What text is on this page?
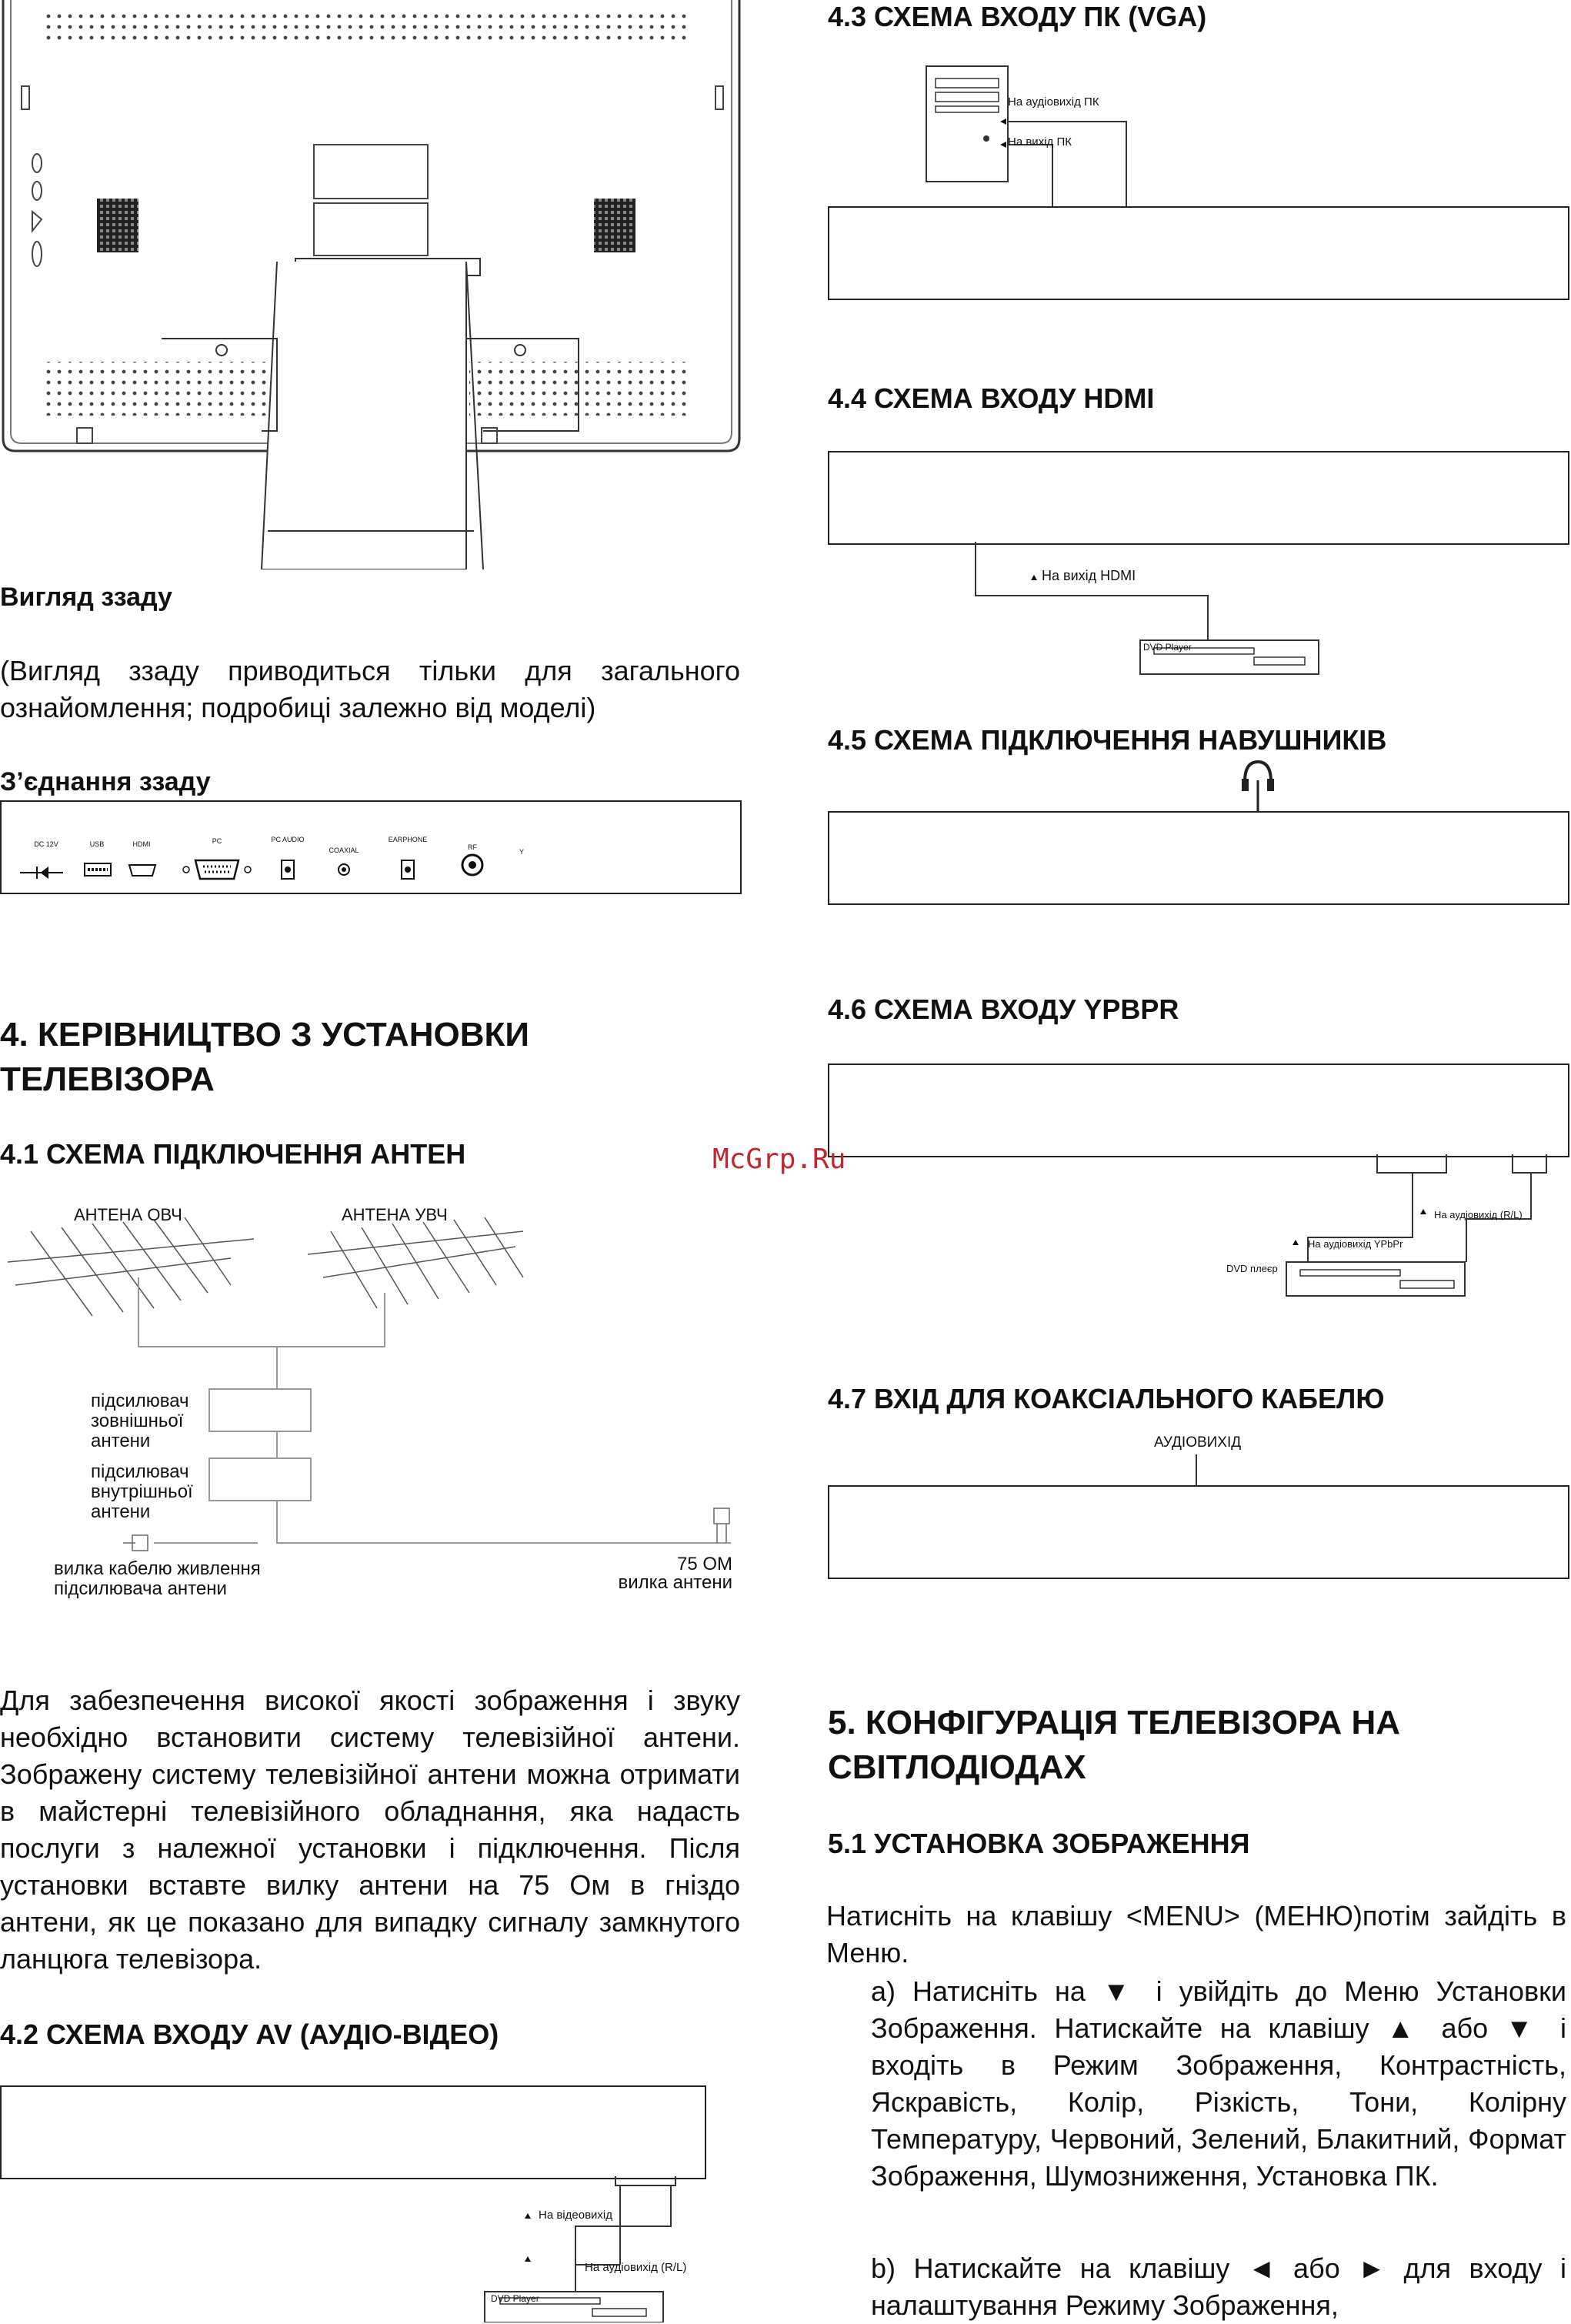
Вигляд ззаду
(Вигляд ззаду приводиться тільки для загального ознайомлення; подробиці залежно від моделі)
З’єднання ззаду
DC 12V	USB	HDMI	PC	PC AUDIO
COAXIAL
EARPHONE
RF
Y
4. КЕРІВНИЦТВО З УСТАНОВКИ ТЕЛЕВІЗОРА
4.1 СХЕМА ПІДКЛЮЧЕННЯ АНТЕН
АНТЕНА ОВЧ	АНТЕНА УВЧ
підсилювач зовнішньої антени
підсилювач внутрішньої антени
вилка кабелю живлення підсилювача антени
75 ОМ
вилка антени
Для забезпечення високої якості зображення і звуку необхідно встановити систему телевізійної антени. Зображену систему телевізійної антени можна отримати в майстерні телевізійного обладнання, яка надасть послуги з належної установки і підключення. Після установки вставте вилку антени на 75 Ом в гніздо антени, як це показано для випадку сигналу замкнутого ланцюга телевізора.
4.2 СХЕМА ВХОДУ AV (АУДІО-ВІДЕО)
На відеовихід
На аудіовихід (R/L)
DVD Player
4.3 СХЕМА ВХОДУ ПК (VGA)
На аудіовихід ПК
На вихід ПК
4.4 СХЕМА ВХОДУ HDMI
На вихід HDMI
DVD Player
4.5 СХЕМА ПІДКЛЮЧЕННЯ НАВУШНИКІВ
4.6 СХЕМА ВХОДУ YPBPR
На аудіовихід (R/L)
На аудіовихід YPbPr
DVD плеєр
4.7 ВХІД ДЛЯ КОАКСІАЛЬНОГО КАБЕЛЮ
АУДІОВИХІД
McGrp.Ru
5. КОНФІГУРАЦІЯ ТЕЛЕВІЗОРА НА СВІТЛОДІОДАХ
5.1 УСТАНОВКА ЗОБРАЖЕННЯ
Натисніть на клавішу <MENU> (МЕНЮ)потім зайдіть в Меню.
a) Натисніть на ▼ і увійдіть до Меню Установки Зображення. Натискайте на клавішу ▲ або ▼ і входіть в Режим Зображення, Контрастність, Яскравість, Колір, Різкість, Тони, Колірну Температуру, Червоний, Зелений, Блакитний, Формат Зображення, Шумозниження, Установка ПК.
b) Натискайте на клавішу ◄ або ► для входу і налаштування Режиму Зображення,
